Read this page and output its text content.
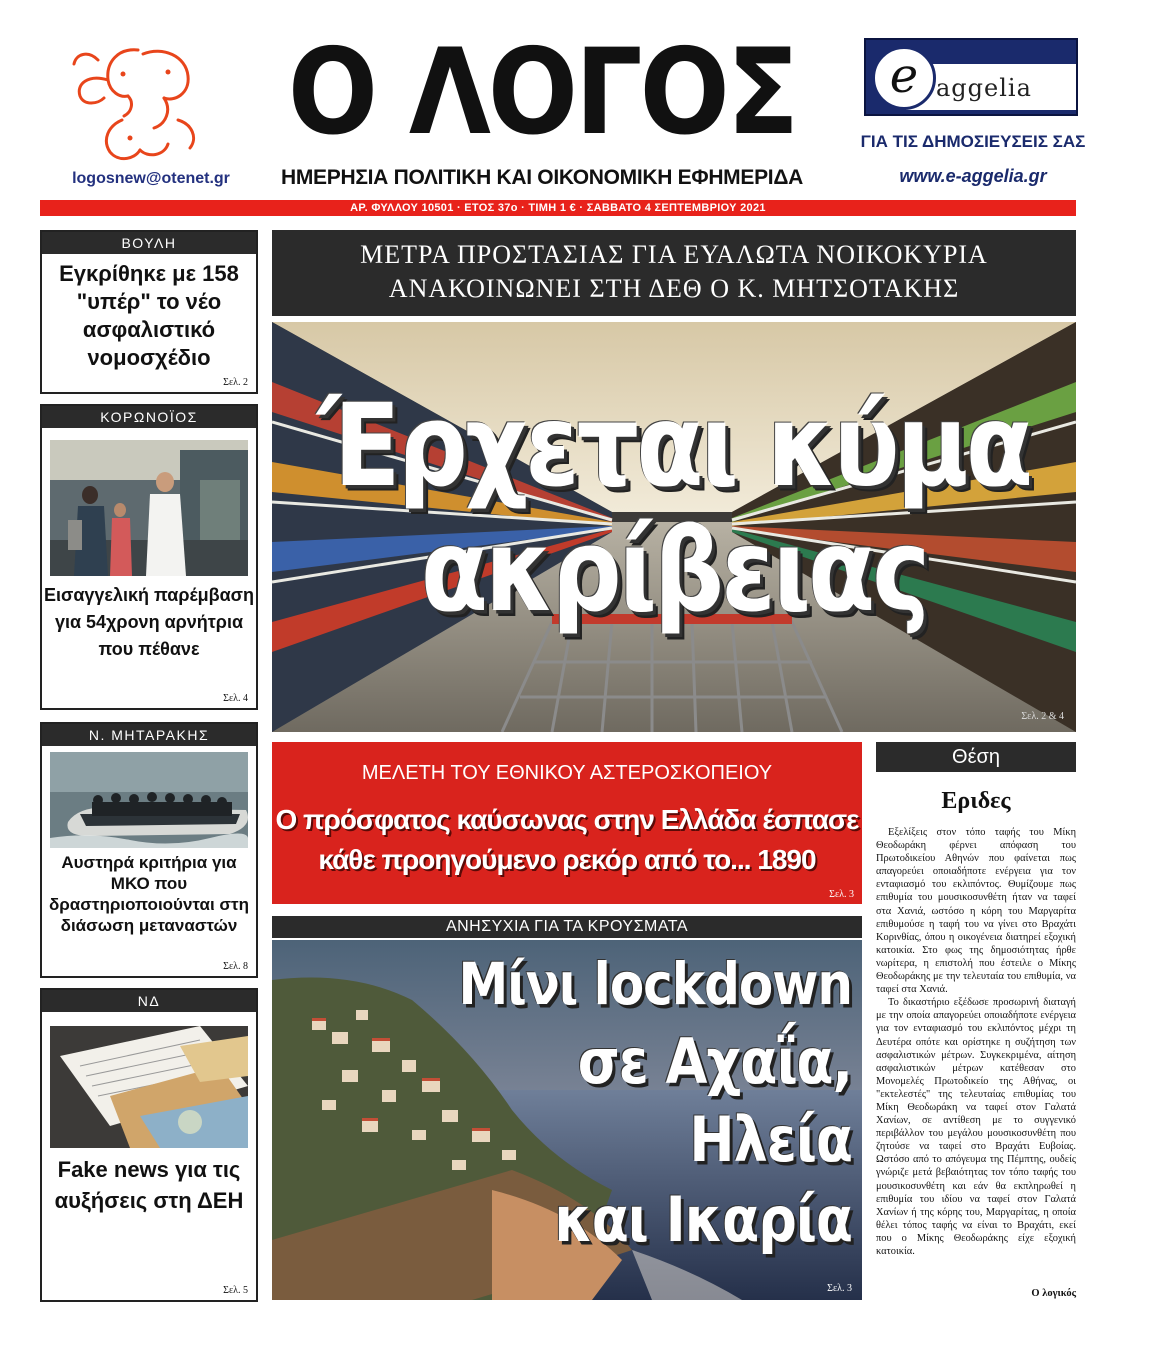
logosnew@otenet.gr
Ο ΛΟΓΟΣ
ΗΜΕΡΗΣΙΑ ΠΟΛΙΤΙΚΗ ΚΑΙ ΟΙΚΟΝΟΜΙΚΗ ΕΦΗΜΕΡΙΔΑ
e aggelia
ΓΙΑ ΤΙΣ ΔΗΜΟΣΙΕΥΣΕΙΣ ΣΑΣ
www.e-aggelia.gr
ΑΡ. ΦΥΛΛΟΥ 10501 · ΕΤΟΣ 37ο · ΤΙΜΗ 1 € · ΣΑΒΒΑΤΟ 4 ΣΕΠΤΕΜΒΡΙΟΥ 2021
ΒΟΥΛΗ
Εγκρίθηκε με 158 "υπέρ" το νέο ασφαλιστικό νομοσχέδιο
Σελ. 2
ΚΟΡΩΝΟΪΟΣ
Εισαγγελική παρέμβαση για 54χρονη αρνήτρια που πέθανε
Σελ. 4
Ν. ΜΗΤΑΡΑΚΗΣ
Αυστηρά κριτήρια για ΜΚΟ που δραστηριοποιούνται στη διάσωση μεταναστών
Σελ. 8
ΝΔ
Fake news για τις αυξήσεις στη ΔΕΗ
Σελ. 5
ΜΕΤΡΑ ΠΡΟΣΤΑΣΙΑΣ ΓΙΑ ΕΥΑΛΩΤΑ ΝΟΙΚΟΚΥΡΙΑ
ΑΝΑΚΟΙΝΩΝΕΙ ΣΤΗ ΔΕΘ Ο Κ. ΜΗΤΣΟΤΑΚΗΣ
Έρχεται κύμα
ακρίβειας
Σελ. 2 & 4
ΜΕΛΕΤΗ ΤΟΥ ΕΘΝΙΚΟΥ ΑΣΤΕΡΟΣΚΟΠΕΙΟΥ
Ο πρόσφατος καύσωνας στην Ελλάδα έσπασε
κάθε προηγούμενο ρεκόρ από το... 1890
Σελ. 3
ΑΝΗΣΥΧΙΑ ΓΙΑ ΤΑ ΚΡΟΥΣΜΑΤΑ
Μίνι lockdown
σε Αχαΐα,
Ηλεία
και Ικαρία
Σελ. 3
Θέση
Εριδες

Εξελίξεις στον τόπο ταφής του Μίκη Θεοδωράκη φέρνει απόφαση του Πρωτοδικείου Αθηνών που φαίνεται πως απαγορεύει οποιαδήποτε ενέργεια για τον ενταφιασμό του εκλιπόντος. Θυμίζουμε πως επιθυμία του μουσικοσυνθέτη ήταν να ταφεί στα Χανιά, ωστόσο η κόρη του Μαργαρίτα επιθυμούσε η ταφή του να γίνει στο Βραχάτι Κορινθίας, όπου η οικογένεια διατηρεί εξοχική κατοικία. Στο φως της δημοσιότητας ήρθε νωρίτερα, η επιστολή που έστειλε ο Μίκης Θεοδωράκης με την τελευταία του επιθυμία, να ταφεί στα Χανιά.

Το δικαστήριο εξέδωσε προσωρινή διαταγή με την οποία απαγορεύει οποιαδήποτε ενέργεια για τον ενταφιασμό του εκλιπόντος μέχρι τη Δευτέρα οπότε και ορίστηκε η συζήτηση των ασφαλιστικών μέτρων. Συγκεκριμένα, αίτηση ασφαλιστικών μέτρων κατέθεσαν στο Μονομελές Πρωτοδικείο της Αθήνας, οι "εκτελεστές" της τελευταίας επιθυμίας του Μίκη Θεοδωράκη να ταφεί στον Γαλατά Χανίων, σε αντίθεση με το συγγενικό περιβάλλον του μεγάλου μουσικοσυνθέτη που ζητούσε να ταφεί στο Βραχάτι Ευβοίας. Ωστόσο από το απόγευμα της Πέμπτης, ουδείς γνώριζε μετά βεβαιότητας τον τόπο ταφής του μουσικοσυνθέτη και εάν θα εκπληρωθεί η επιθυμία του ιδίου να ταφεί στον Γαλατά Χανίων ή της κόρης του, Μαργαρίτας, η οποία θέλει τόπος ταφής να είναι το Βραχάτι, εκεί που ο Μίκης Θεοδωράκης είχε εξοχική κατοικία.

Ο λογικός
